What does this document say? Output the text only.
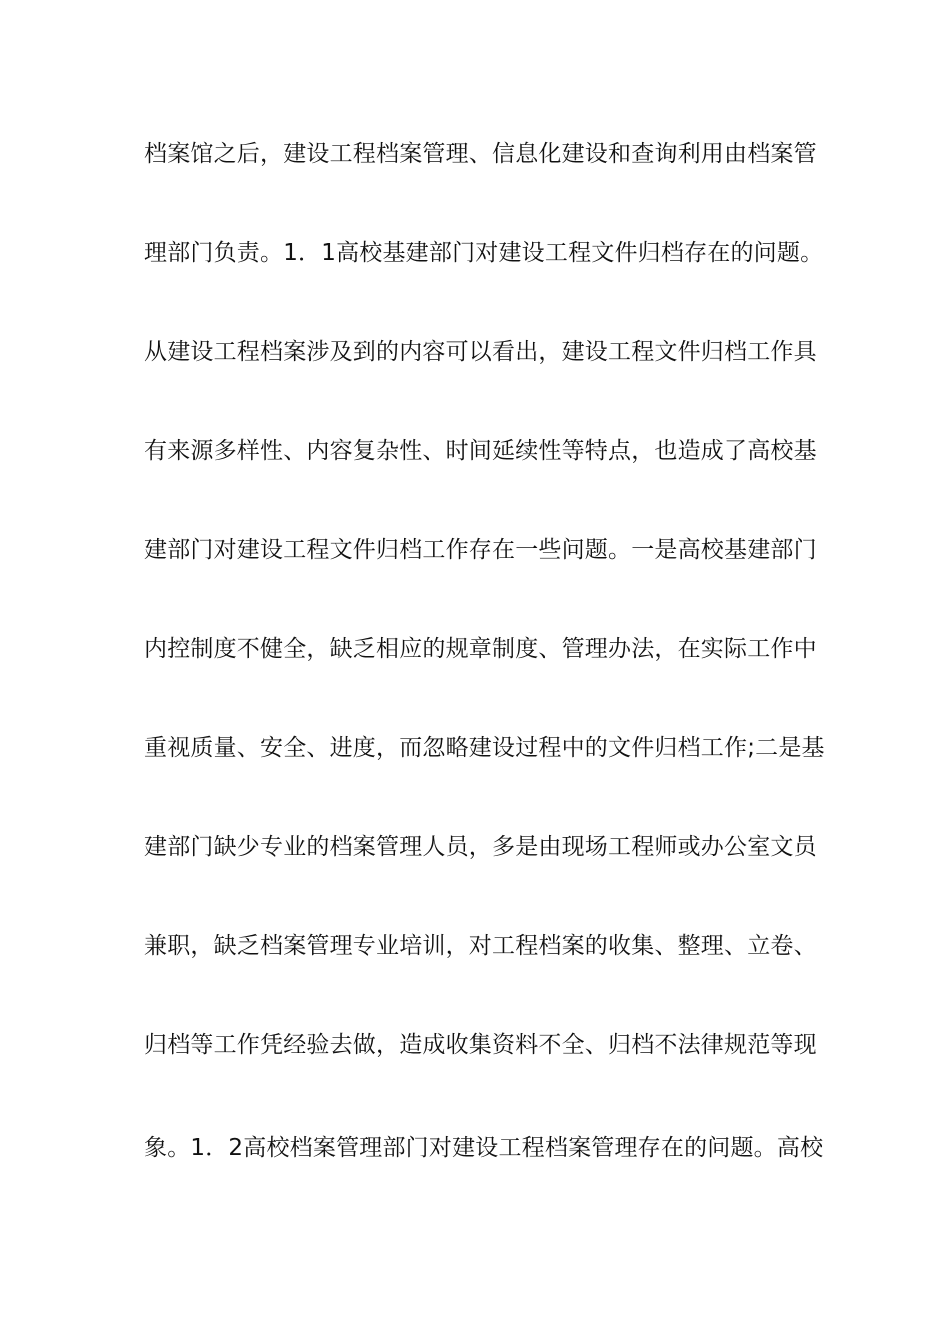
档案馆之后，建设工程档案管理、信息化建设和查询利用由档案管
理部门负责。1．1高校基建部门对建设工程文件归档存在的问题。
从建设工程档案涉及到的内容可以看出，建设工程文件归档工作具
有来源多样性、内容复杂性、时间延续性等特点，也造成了高校基
建部门对建设工程文件归档工作存在一些问题。一是高校基建部门
内控制度不健全，缺乏相应的规章制度、管理办法，在实际工作中
重视质量、安全、进度，而忽略建设过程中的文件归档工作;二是基
建部门缺少专业的档案管理人员，多是由现场工程师或办公室文员
兼职，缺乏档案管理专业培训，对工程档案的收集、整理、立卷、
归档等工作凭经验去做，造成收集资料不全、归档不法律规范等现
象。1．2高校档案管理部门对建设工程档案管理存在的问题。高校
